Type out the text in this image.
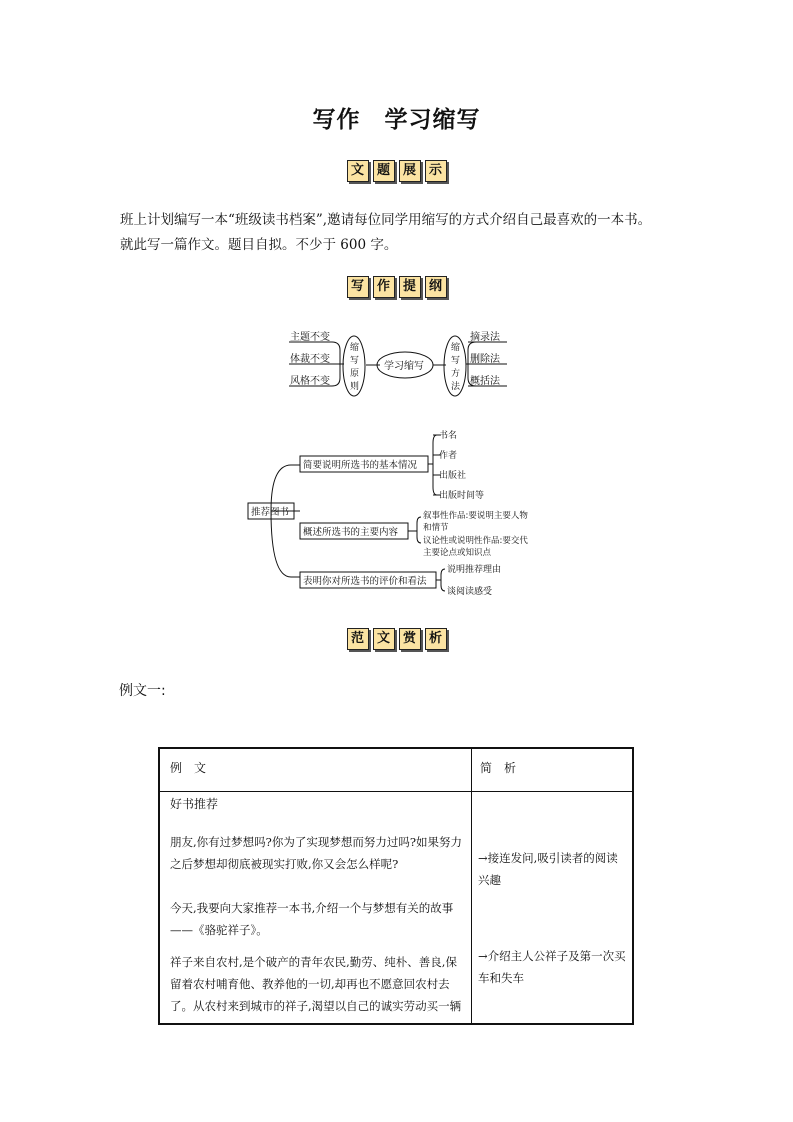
写作　学习缩写
文 题 展 示

班上计划编写一本“班级读书档案”,邀请每位同学用缩写的方式介绍自己最喜欢的一本书。

就此写一篇作文。题目自拟。不少于 600 字。

写 作 提 纲
主题不变
体裁不变
风格不变
缩
写
原
则
学习缩写
缩
写
方
法
摘录法
删除法
概括法
推荐图书
简要说明所选书的基本情况
概述所选书的主要内容
表明你对所选书的评价和看法
书名
作者
出版社
出版时间等
叙事性作品:要说明主要人物
和情节
议论性或说明性作品:要交代
主要论点或知识点
说明推荐理由
谈阅读感受
范 文 赏 析
例文一:
例　文	简　析
好书推荐
朋友,你有过梦想吗?你为了实现梦想而努力过吗?如果努力之后梦想却彻底被现实打败,你又会怎么样呢?
今天,我要向大家推荐一本书,介绍一个与梦想有关的故事——《骆驼祥子》。
祥子来自农村,是个破产的青年农民,勤劳、纯朴、善良,保留着农村哺育他、教养他的一切,却再也不愿意回农村去了。从农村来到城市的祥子,渴望以自己的诚实劳动买一辆
→接连发问,吸引读者的阅读兴趣
→介绍主人公祥子及第一次买车和失车
